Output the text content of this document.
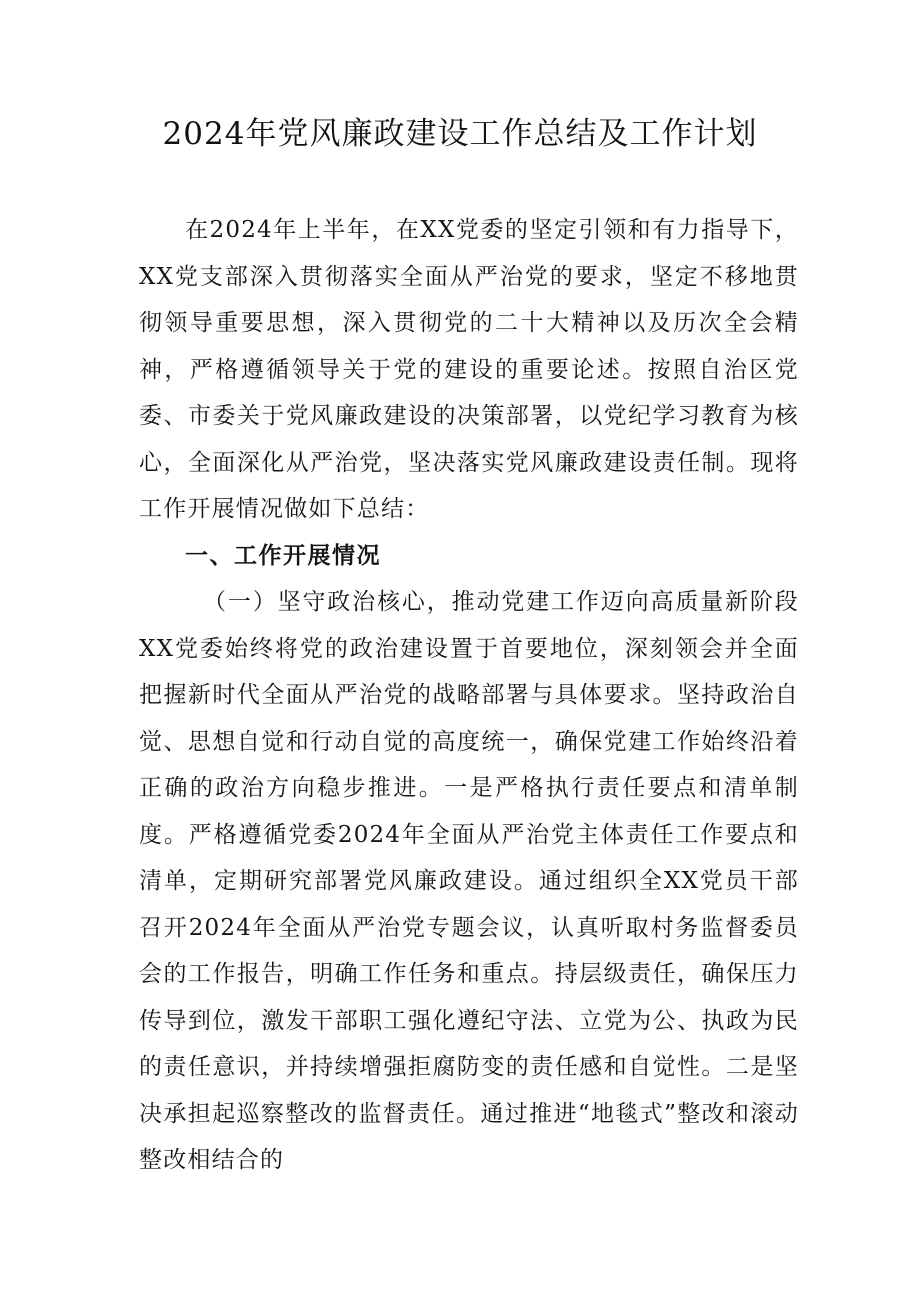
2024年党风廉政建设工作总结及工作计划

在2024年上半年，在XX党委的坚定引领和有力指导下，XX党支部深入贯彻落实全面从严治党的要求，坚定不移地贯彻领导重要思想，深入贯彻党的二十大精神以及历次全会精神，严格遵循领导关于党的建设的重要论述。按照自治区党委、市委关于党风廉政建设的决策部署，以党纪学习教育为核心，全面深化从严治党，坚决落实党风廉政建设责任制。现将工作开展情况做如下总结：

一、工作开展情况

（一）坚守政治核心，推动党建工作迈向高质量新阶段XX党委始终将党的政治建设置于首要地位，深刻领会并全面把握新时代全面从严治党的战略部署与具体要求。坚持政治自觉、思想自觉和行动自觉的高度统一，确保党建工作始终沿着正确的政治方向稳步推进。一是严格执行责任要点和清单制度。严格遵循党委2024年全面从严治党主体责任工作要点和清单，定期研究部署党风廉政建设。通过组织全XX党员干部召开2024年全面从严治党专题会议，认真听取村务监督委员会的工作报告，明确工作任务和重点。持层级责任，确保压力传导到位，激发干部职工强化遵纪守法、立党为公、执政为民的责任意识，并持续增强拒腐防变的责任感和自觉性。二是坚决承担起巡察整改的监督责任。通过推进“地毯式”整改和滚动整改相结合的
